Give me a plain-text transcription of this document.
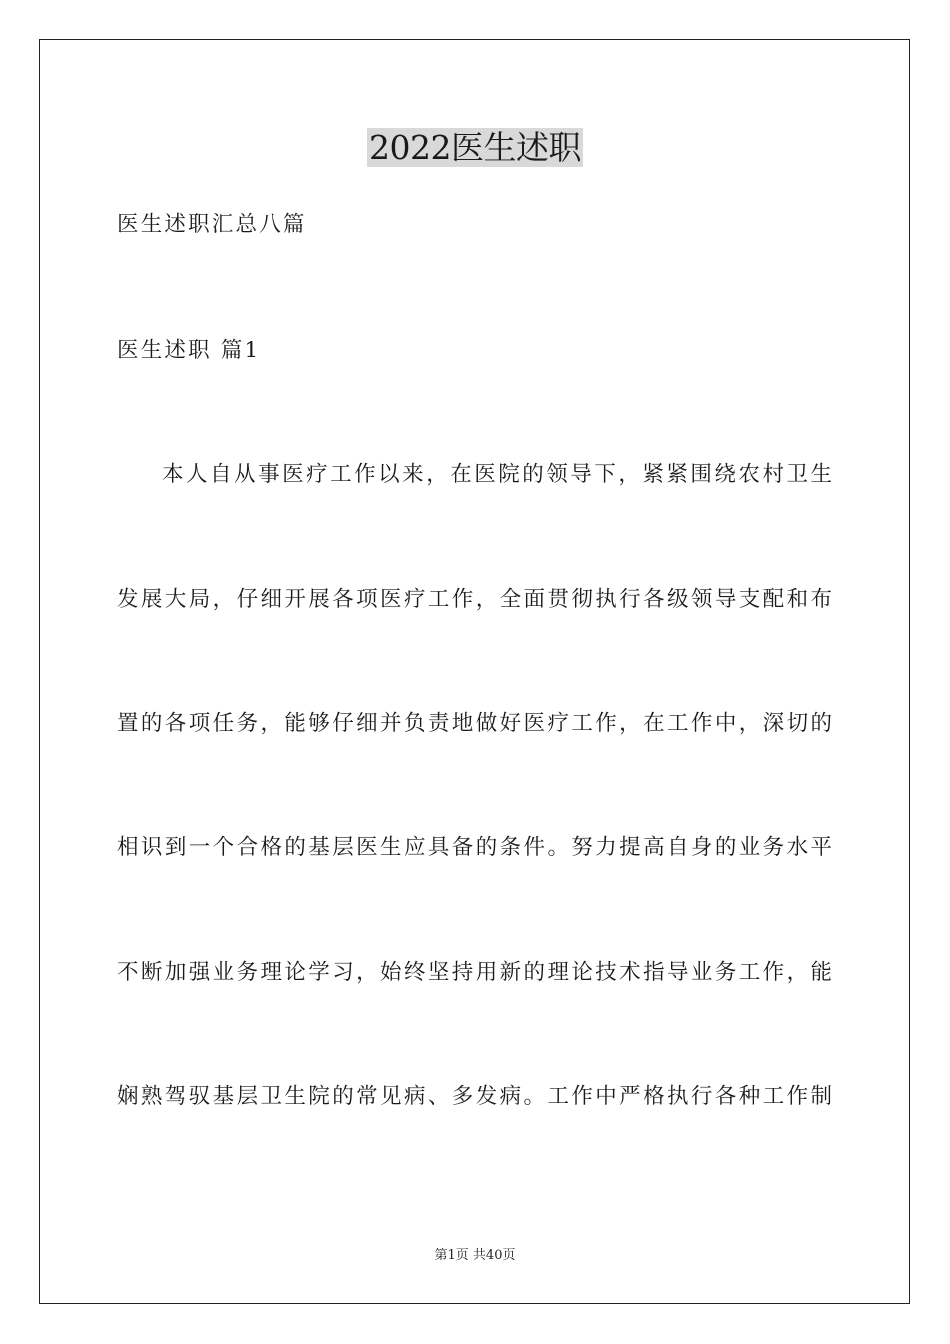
2022医生述职
医生述职汇总八篇
医生述职 篇1
本人自从事医疗工作以来，在医院的领导下，紧紧围绕农村卫生
发展大局，仔细开展各项医疗工作，全面贯彻执行各级领导支配和布
置的各项任务，能够仔细并负责地做好医疗工作，在工作中，深切的
相识到一个合格的基层医生应具备的条件。努力提高自身的业务水平
不断加强业务理论学习，始终坚持用新的理论技术指导业务工作，能
娴熟驾驭基层卫生院的常见病、多发病。工作中严格执行各种工作制
第1页 共40页
